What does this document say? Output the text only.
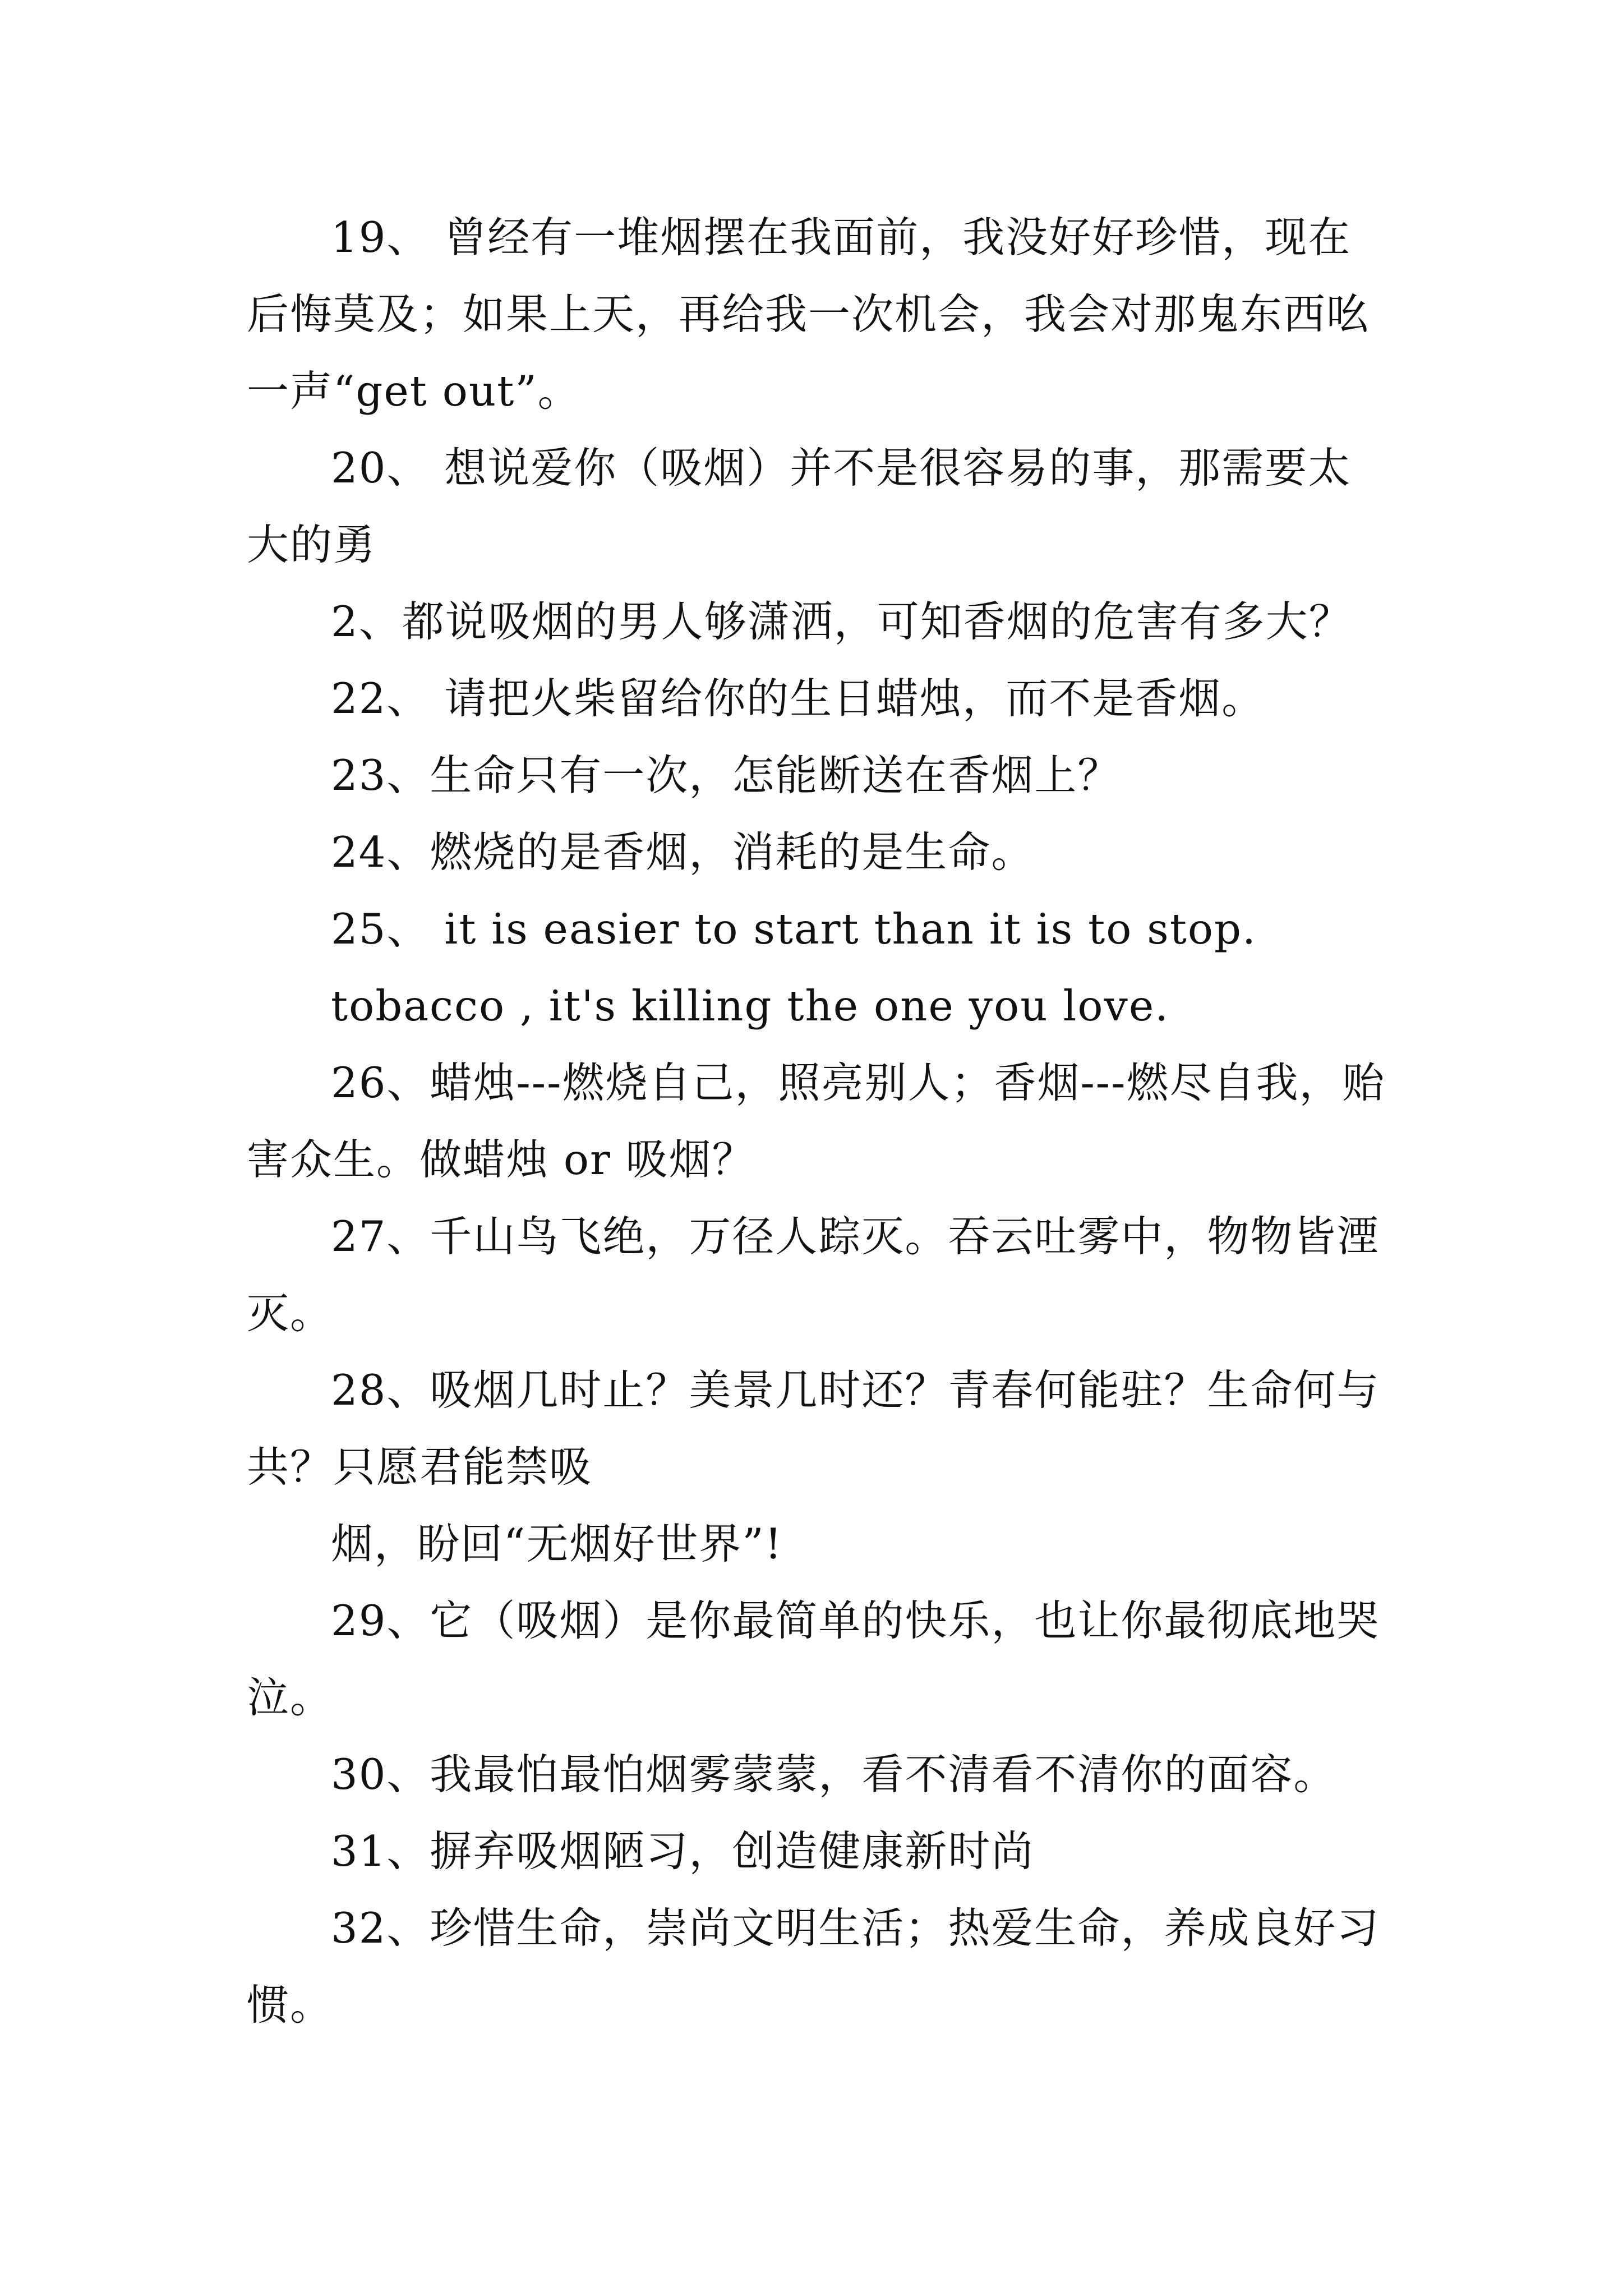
19、 曾经有一堆烟摆在我面前，我没好好珍惜，现在后悔莫及；如果上天，再给我一次机会，我会对那鬼东西吆一声“get out”。

20、 想说爱你（吸烟）并不是很容易的事，那需要太大的勇

2、都说吸烟的男人够潇洒，可知香烟的危害有多大？

22、 请把火柴留给你的生日蜡烛，而不是香烟。

23、生命只有一次，怎能断送在香烟上？

24、燃烧的是香烟，消耗的是生命。

25、 it is easier to start than it is to stop.

tobacco , it's killing the one you love.

26、蜡烛---燃烧自己，照亮别人；香烟---燃尽自我，贻害众生。做蜡烛 or 吸烟？

27、千山鸟飞绝，万径人踪灭。吞云吐雾中，物物皆湮灭。

28、吸烟几时止？美景几时还？青春何能驻？生命何与共？只愿君能禁吸

烟，盼回“无烟好世界”!

29、它（吸烟）是你最简单的快乐，也让你最彻底地哭泣。

30、我最怕最怕烟雾蒙蒙，看不清看不清你的面容。

31、摒弃吸烟陋习，创造健康新时尚

32、珍惜生命，崇尚文明生活；热爱生命，养成良好习惯。
